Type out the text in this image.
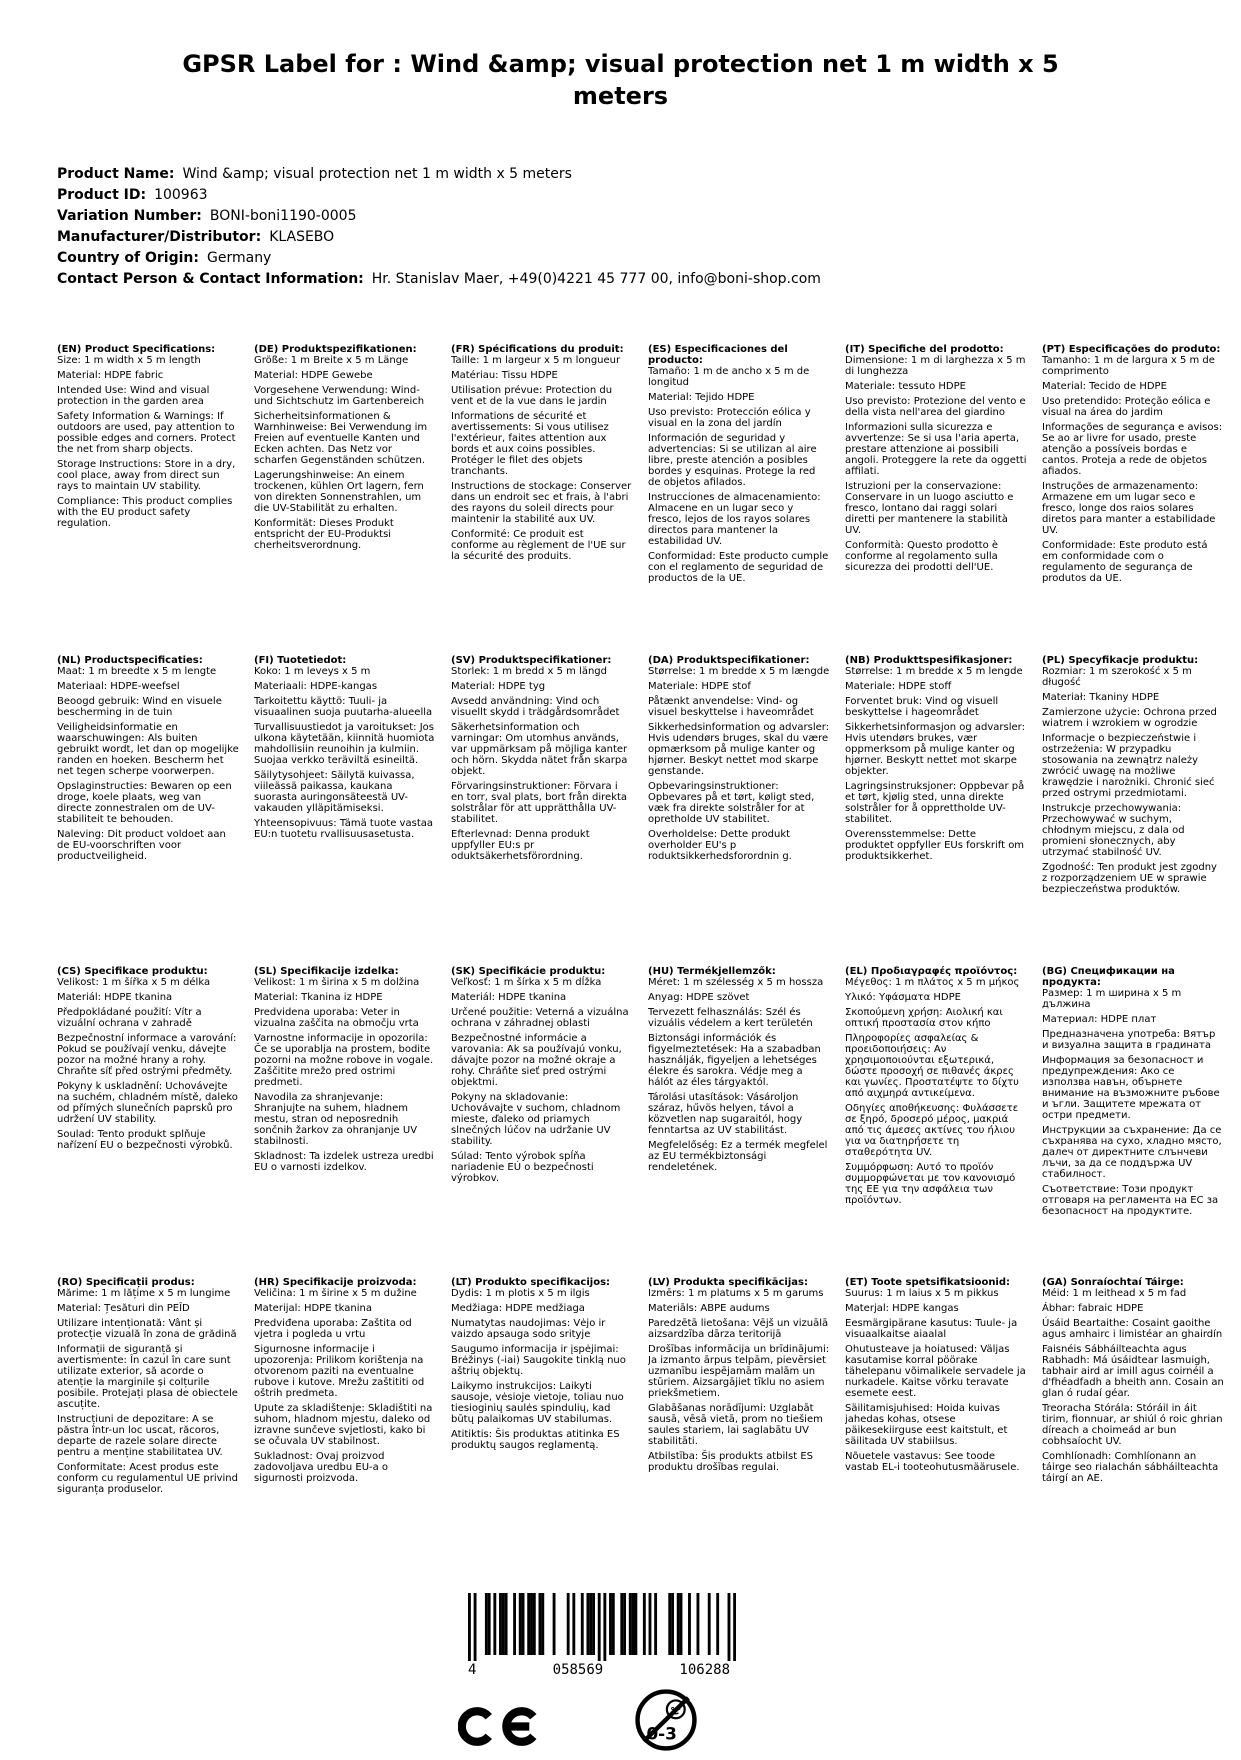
GPSR Label for : Wind &amp; visual protection net 1 m width x 5 meters
Product Name: Wind &amp; visual protection net 1 m width x 5 meters
Product ID: 100963
Variation Number: BONI-boni1190-0005
Manufacturer/Distributor: KLASEBO
Country of Origin: Germany
Contact Person & Contact Information: Hr. Stanislav Maer, +49(0)4221 45 777 00, info@boni-shop.com
(EN) Product Specifications:
Size: 1 m width x 5 m length
Material: HDPE fabric
Intended Use: Wind and visual protection in the garden area
Safety Information & Warnings: If outdoors are used, pay attention to possible edges and corners. Protect the net from sharp objects.
Storage Instructions: Store in a dry, cool place, away from direct sun rays to maintain UV stability.
Compliance: This product complies with the EU product safety regulation.
(DE) Produktspezifikationen:
Größe: 1 m Breite x 5 m Länge
Material: HDPE Gewebe
Vorgesehene Verwendung: Wind- und Sichtschutz im Gartenbereich
Sicherheitsinformationen & Warnhinweise: Bei Verwendung im Freien auf eventuelle Kanten und Ecken achten. Das Netz vor scharfen Gegenständen schützen.
Lagerungshinweise: An einem trockenen, kühlen Ort lagern, fern von direkten Sonnenstrahlen, um die UV-Stabilität zu erhalten.
Konformität: Dieses Produkt entspricht der EU-Produktsi cherheitsverordnung.
(FR) Spécifications du produit:
Taille: 1 m largeur x 5 m longueur
Matériau: Tissu HDPE
Utilisation prévue: Protection du vent et de la vue dans le jardin
Informations de sécurité et avertissements: Si vous utilisez l'extérieur, faites attention aux bords et aux coins possibles. Protéger le filet des objets tranchants.
Instructions de stockage: Conserver dans un endroit sec et frais, à l'abri des rayons du soleil directs pour maintenir la stabilité aux UV.
Conformité: Ce produit est conforme au règlement de l'UE sur la sécurité des produits.
(ES) Especificaciones del producto:
Tamaño: 1 m de ancho x 5 m de longitud
Material: Tejido HDPE
Uso previsto: Protección eólica y visual en la zona del jardín
Información de seguridad y advertencias: Si se utilizan al aire libre, preste atención a posibles bordes y esquinas. Protege la red de objetos afilados.
Instrucciones de almacenamiento: Almacene en un lugar seco y fresco, lejos de los rayos solares directos para mantener la estabilidad UV.
Conformidad: Este producto cumple con el reglamento de seguridad de productos de la UE.
(IT) Specifiche del prodotto:
Dimensione: 1 m di larghezza x 5 m di lunghezza
Materiale: tessuto HDPE
Uso previsto: Protezione del vento e della vista nell'area del giardino
Informazioni sulla sicurezza e avvertenze: Se si usa l'aria aperta, prestare attenzione ai possibili angoli. Proteggere la rete da oggetti affilati.
Istruzioni per la conservazione: Conservare in un luogo asciutto e fresco, lontano dai raggi solari diretti per mantenere la stabilità UV.
Conformità: Questo prodotto è conforme al regolamento sulla sicurezza dei prodotti dell'UE.
(PT) Especificações do produto:
Tamanho: 1 m de largura x 5 m de comprimento
Material: Tecido de HDPE
Uso pretendido: Proteção eólica e visual na área do jardim
Informações de segurança e avisos: Se ao ar livre for usado, preste atenção a possíveis bordas e cantos. Proteja a rede de objetos afiados.
Instruções de armazenamento: Armazene em um lugar seco e fresco, longe dos raios solares diretos para manter a estabilidade UV.
Conformidade: Este produto está em conformidade com o regulamento de segurança de produtos da UE.
(NL) Productspecificaties:
Maat: 1 m breedte x 5 m lengte
Materiaal: HDPE-weefsel
Beoogd gebruik: Wind en visuele bescherming in de tuin
Veiligheidsinformatie en waarschuwingen: Als buiten gebruikt wordt, let dan op mogelijke randen en hoeken. Bescherm het net tegen scherpe voorwerpen.
Opslaginstructies: Bewaren op een droge, koele plaats, weg van directe zonnestralen om de UV-stabiliteit te behouden.
Naleving: Dit product voldoet aan de EU-voorschriften voor productveiligheid.
(FI) Tuotetiedot:
Koko: 1 m leveys x 5 m
Materiaali: HDPE-kangas
Tarkoitettu käyttö: Tuuli- ja visuaalinen suoja puutarha-alueella
Turvallisuustiedot ja varoitukset: Jos ulkona käytetään, kiinnitä huomiota mahdollisiin reunoihin ja kulmiin. Suojaa verkko teräviltä esineiltä.
Säilytysohjeet: Säilytä kuivassa, viileässä paikassa, kaukana suorasta auringonsäteestä UV-vakauden ylläpitämiseksi.
Yhteensopivuus: Tämä tuote vastaa EU:n tuotetu rvallisuusasetusta.
(SV) Produktspecifikationer:
Storlek: 1 m bredd x 5 m längd
Material: HDPE tyg
Avsedd användning: Vind och visuellt skydd i trädgårdsområdet
Säkerhetsinformation och varningar: Om utomhus används, var uppmärksam på möjliga kanter och hörn. Skydda nätet från skarpa objekt.
Förvaringsinstruktioner: Förvara i en torr, sval plats, bort från direkta solstrålar för att upprätthålla UV-stabilitet.
Efterlevnad: Denna produkt uppfyller EU:s pr oduktsäkerhetsförordning.
(DA) Produktspecifikationer:
Størrelse: 1 m bredde x 5 m længde
Materiale: HDPE stof
Påtænkt anvendelse: Vind- og visuel beskyttelse i haveområdet
Sikkerhedsinformation og advarsler: Hvis udendørs bruges, skal du være opmærksom på mulige kanter og hjørner. Beskyt nettet mod skarpe genstande.
Opbevaringsinstruktioner: Opbevares på et tørt, køligt sted, væk fra direkte solstråler for at opretholde UV stabilitet.
Overholdelse: Dette produkt overholder EU's p roduktsikkerhedsforordnin g.
(NB) Produkttspesifikasjoner:
Størrelse: 1 m bredde x 5 m lengde
Materiale: HDPE stoff
Forventet bruk: Vind og visuell beskyttelse i hageområdet
Sikkerhetsinformasjon og advarsler: Hvis utendørs brukes, vær oppmerksom på mulige kanter og hjørner. Beskytt nettet mot skarpe objekter.
Lagringsinstruksjoner: Oppbevar på et tørt, kjølig sted, unna direkte solstråler for å opprettholde UV-stabilitet.
Overensstemmelse: Dette produktet oppfyller EUs forskrift om produktsikkerhet.
(PL) Specyfikacje produktu:
Rozmiar: 1 m szerokość x 5 m długość
Materiał: Tkaniny HDPE
Zamierzone użycie: Ochrona przed wiatrem i wzrokiem w ogrodzie
Informacje o bezpieczeństwie i ostrzeżenia: W przypadku stosowania na zewnątrz należy zwrócić uwagę na możliwe krawędzie i narożniki. Chronić sieć przed ostrymi przedmiotami.
Instrukcje przechowywania: Przechowywać w suchym, chłodnym miejscu, z dala od promieni słonecznych, aby utrzymać stabilność UV.
Zgodność: Ten produkt jest zgodny z rozporządzeniem UE w sprawie bezpieczeństwa produktów.
(CS) Specifikace produktu:
Velikost: 1 m šířka x 5 m délka
Materiál: HDPE tkanina
Předpokládané použití: Vítr a vizuální ochrana v zahradě
Bezpečnostní informace a varování: Pokud se používají venku, dávejte pozor na možné hrany a rohy. Chraňte síť před ostrými předměty.
Pokyny k uskladnění: Uchovávejte na suchém, chladném místě, daleko od přímých slunečních paprsků pro udržení UV stability.
Soulad: Tento produkt splňuje nařízení EU o bezpečnosti výrobků.
(SL) Specifikacije izdelka:
Velikost: 1 m širina x 5 m dolžina
Material: Tkanina iz HDPE
Predvidena uporaba: Veter in vizualna zaščita na območju vrta
Varnostne informacije in opozorila: Če se uporablja na prostem, bodite pozorni na možne robove in vogale. Zaščitite mrežo pred ostrimi predmeti.
Navodila za shranjevanje: Shranjujte na suhem, hladnem mestu, stran od neposrednih sončnih žarkov za ohranjanje UV stabilnosti.
Skladnost: Ta izdelek ustreza uredbi EU o varnosti izdelkov.
(SK) Špecifikácie produktu:
Veľkosť: 1 m šírka x 5 m dĺžka
Materiál: HDPE tkanina
Určené použitie: Veterná a vizuálna ochrana v záhradnej oblasti
Bezpečnostné informácie a varovania: Ak sa používajú vonku, dávajte pozor na možné okraje a rohy. Chráňte sieť pred ostrými objektmi.
Pokyny na skladovanie: Uchovávajte v suchom, chladnom mieste, ďaleko od priamych slnečných lúčov na udržanie UV stability.
Súlad: Tento výrobok spĺňa nariadenie EÚ o bezpečnosti výrobkov.
(HU) Termékjellemzők:
Méret: 1 m szélesség x 5 m hossza
Anyag: HDPE szövet
Tervezett felhasználás: Szél és vizuális védelem a kert területén
Biztonsági információk és figyelmeztetések: Ha a szabadban használják, figyeljen a lehetséges élekre és sarokra. Védje meg a hálót az éles tárgyaktól.
Tárolási utasítások: Vásároljon száraz, hűvös helyen, távol a közvetlen nap sugaraitól, hogy fenntartsa az UV stabilitást.
Megfelelőség: Ez a termék megfelel az EU termékbiztonsági rendeletének.
(EL) Προδιαγραφές προϊόντος:
Μέγεθος: 1 m πλάτος x 5 m μήκος
Υλικό: Υφάσματα HDPE
Σκοπούμενη χρήση: Αιολική και οπτική προστασία στον κήπο
Πληροφορίες ασφαλείας & προειδοποιήσεις: Αν χρησιμοποιούνται εξωτερικά, δώστε προσοχή σε πιθανές άκρες και γωνίες. Προστατέψτε το δίχτυ από αιχμηρά αντικείμενα.
Οδηγίες αποθήκευσης: Φυλάσσετε σε ξηρό, δροσερό μέρος, μακριά από τις άμεσες ακτίνες του ήλιου για να διατηρήσετε τη σταθερότητα UV.
Συμμόρφωση: Αυτό το προϊόν συμμορφώνεται με τον κανονισμό της ΕΕ για την ασφάλεια των προϊόντων.
(BG) Спецификации на продукта:
Размер: 1 m ширина x 5 m дължина
Материал: HDPE плат
Предназначена употреба: Вятър и визуална защита в градината
Информация за безопасност и предупреждения: Ако се използва навън, обърнете внимание на възможните ръбове и ъгли. Защитете мрежата от остри предмети.
Инструкции за съхранение: Да се съхранява на сухо, хладно място, далеч от директните слънчеви лъчи, за да се поддържа UV стабилност.
Съответствие: Този продукт отговаря на регламента на ЕС за безопасност на продуктите.
(RO) Specificații produs:
Mărime: 1 m lățime x 5 m lungime
Material: Țesături din PEÎD
Utilizare intenționată: Vânt și protecție vizuală în zona de grădină
Informații de siguranță și avertismente: În cazul în care sunt utilizate exterior, să acorde o atenție la marginile și colțurile posibile. Protejați plasa de obiectele ascuțite.
Instrucțiuni de depozitare: A se păstra într-un loc uscat, răcoros, departe de razele solare directe pentru a menține stabilitatea UV.
Conformitate: Acest produs este conform cu regulamentul UE privind siguranța produselor.
(HR) Specifikacije proizvoda:
Veličina: 1 m širine x 5 m dužine
Materijal: HDPE tkanina
Predviđena uporaba: Zaštita od vjetra i pogleda u vrtu
Sigurnosne informacije i upozorenja: Prilikom korištenja na otvorenom paziti na eventualne rubove i kutove. Mrežu zaštititi od oštrih predmeta.
Upute za skladištenje: Skladištiti na suhom, hladnom mjestu, daleko od izravne sunčeve svjetlosti, kako bi se očuvala UV stabilnost.
Sukladnost: Ovaj proizvod zadovoljava uredbu EU-a o sigurnosti proizvoda.
(LT) Produkto specifikacijos:
Dydis: 1 m plotis x 5 m ilgis
Medžiaga: HDPE medžiaga
Numatytas naudojimas: Vėjo ir vaizdo apsauga sodo srityje
Saugumo informacija ir įspėjimai: Brėžinys (-iai) Saugokite tinklą nuo aštrių objektų.
Laikymo instrukcijos: Laikyti sausoje, vėsioje vietoje, toliau nuo tiesioginių saulės spindulių, kad būtų palaikomas UV stabilumas.
Atitiktis: Šis produktas atitinka ES produktų saugos reglamentą.
(LV) Produkta specifikācijas:
Izmērs: 1 m platums x 5 m garums
Materiāls: ABPE audums
Paredzētā lietošana: Vējš un vizuālā aizsardzība dārza teritorijā
Drošības informācija un brīdinājumi: Ja izmanto ārpus telpām, pievērsiet uzmanību iespējamām malām un stūriem. Aizsargājiet tīklu no asiem priekšmetiem.
Glabāšanas norādījumi: Uzglabāt sausā, vēsā vietā, prom no tiešiem saules stariem, lai saglabātu UV stabilitāti.
Atbilstība: Šis produkts atbilst ES produktu drošības regulai.
(ET) Toote spetsifikatsioonid:
Suurus: 1 m laius x 5 m pikkus
Materjal: HDPE kangas
Eesmärgipärane kasutus: Tuule- ja visuaalkaitse aiaalal
Ohutusteave ja hoiatused: Väljas kasutamise korral pöörake tähelepanu võimalikele servadele ja nurkadele. Kaitse võrku teravate esemete eest.
Säilitamisjuhised: Hoida kuivas jahedas kohas, otsese päikesekiirguse eest kaitstult, et säilitada UV stabiilsus.
Nõuetele vastavus: See toode vastab EL-i tooteohutusmäärusele.
(GA) Sonraíochtaí Táirge:
Méid: 1 m leithead x 5 m fad
Ábhar: fabraic HDPE
Úsáid Beartaithe: Cosaint gaoithe agus amhairc i limistéar an ghairdín
Faisnéis Sábháilteachta agus Rabhadh: Má úsáidtear lasmuigh, tabhair aird ar imill agus coirnéil a d'fhéadfadh a bheith ann. Cosain an glan ó rudaí géar.
Treoracha Stórála: Stóráil in áit tirim, fionnuar, ar shiúl ó roic ghrian díreach a choimeád ar bun cobhsaíocht UV.
Comhlíonadh: Comhlíonann an táirge seo rialachán sábháilteachta táirgí an AE.
4	058569	106288
0-3
